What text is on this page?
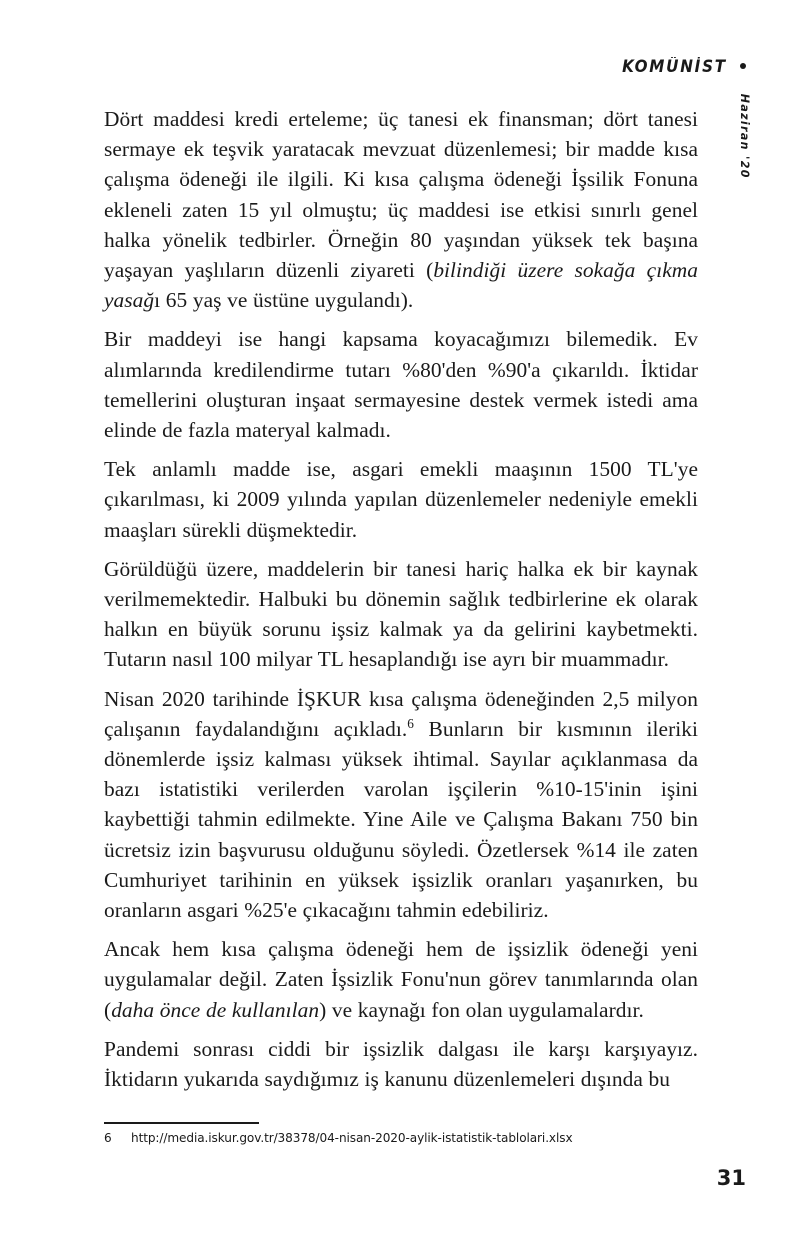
KOMÜNİST
Haziran '20

Dört maddesi kredi erteleme; üç tanesi ek finansman; dört tanesi sermaye ek teşvik yaratacak mevzuat düzenlemesi; bir madde kısa çalışma ödeneği ile ilgili. Ki kısa çalışma ödeneği İşsilik Fonuna ekleneli zaten 15 yıl olmuştu; üç maddesi ise etkisi sınırlı genel halka yönelik tedbirler. Örneğin 80 yaşından yüksek tek başına yaşayan yaşlıların düzenli ziyareti (bilindiği üzere sokağa çıkma yasağı 65 yaş ve üstüne uygulandı).

Bir maddeyi ise hangi kapsama koyacağımızı bilemedik. Ev alımlarında kredilendirme tutarı %80'den %90'a çıkarıldı. İktidar temellerini oluşturan inşaat sermayesine destek vermek istedi ama elinde de fazla materyal kalmadı.

Tek anlamlı madde ise, asgari emekli maaşının 1500 TL'ye çıkarılması, ki 2009 yılında yapılan düzenlemeler nedeniyle emekli maaşları sürekli düşmektedir.

Görüldüğü üzere, maddelerin bir tanesi hariç halka ek bir kaynak verilmemektedir. Halbuki bu dönemin sağlık tedbirlerine ek olarak halkın en büyük sorunu işsiz kalmak ya da gelirini kaybetmekti. Tutarın nasıl 100 milyar TL hesaplandığı ise ayrı bir muammadır.

Nisan 2020 tarihinde İŞKUR kısa çalışma ödeneğinden 2,5 milyon çalışanın faydalandığını açıkladı.$^6$ Bunların bir kısmının ileriki dönemlerde işsiz kalması yüksek ihtimal. Sayılar açıklanmasa da bazı istatistiki verilerden varolan işçilerin %10-15'inin işini kaybettiği tahmin edilmekte. Yine Aile ve Çalışma Bakanı 750 bin ücretsiz izin başvurusu olduğunu söyledi. Özetlersek %14 ile zaten Cumhuriyet tarihinin en yüksek işsizlik oranları yaşanırken, bu oranların asgari %25'e çıkacağını tahmin edebiliriz.

Ancak hem kısa çalışma ödeneği hem de işsizlik ödeneği yeni uygulamalar değil. Zaten İşsizlik Fonu'nun görev tanımlarında olan (daha önce de kullanılan) ve kaynağı fon olan uygulamalardır.

Pandemi sonrası ciddi bir işsizlik dalgası ile karşı karşıyayız. İktidarın yukarıda saydığımız iş kanunu düzenlemeleri dışında bu

6	http://media.iskur.gov.tr/38378/04-nisan-2020-aylik-istatistik-tablolari.xlsx
31
